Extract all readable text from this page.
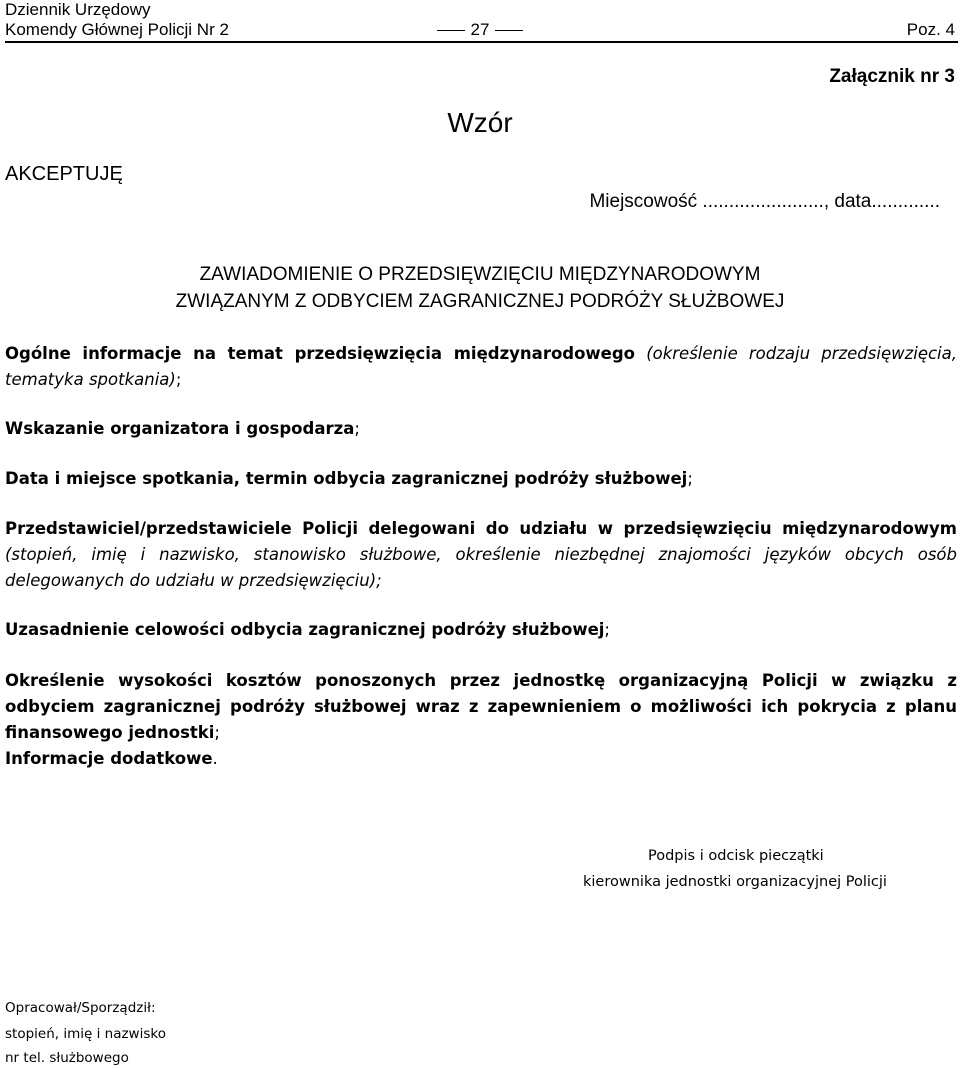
Dziennik Urzędowy
Komendy Głównej Policji Nr 2	27	Poz. 4
Załącznik nr 3
Wzór
AKCEPTUJĘ
Miejscowość ......................., data.............
ZAWIADOMIENIE O PRZEDSIĘWZIĘCIU MIĘDZYNARODOWYM
ZWIĄZANYM Z ODBYCIEM ZAGRANICZNEJ PODRÓŻY SŁUŻBOWEJ

Ogólne informacje na temat przedsięwzięcia międzynarodowego (określenie rodzaju przedsięwzięcia, tematyka spotkania);

Wskazanie organizatora i gospodarza;

Data i miejsce spotkania, termin odbycia zagranicznej podróży służbowej;

Przedstawiciel/przedstawiciele Policji delegowani do udziału w przedsięwzięciu międzynarodowym (stopień, imię i nazwisko, stanowisko służbowe, określenie niezbędnej znajomości języków obcych osób delegowanych do udziału w przedsięwzięciu);

Uzasadnienie celowości odbycia zagranicznej podróży służbowej;

Określenie wysokości kosztów ponoszonych przez jednostkę organizacyjną Policji w związku z odbyciem zagranicznej podróży służbowej wraz z zapewnieniem o możliwości ich pokrycia z planu finansowego jednostki;
Informacje dodatkowe.

Podpis i odcisk pieczątki
kierownika jednostki organizacyjnej Policji
Opracował/Sporządził:
stopień, imię i nazwisko
nr tel. służbowego
